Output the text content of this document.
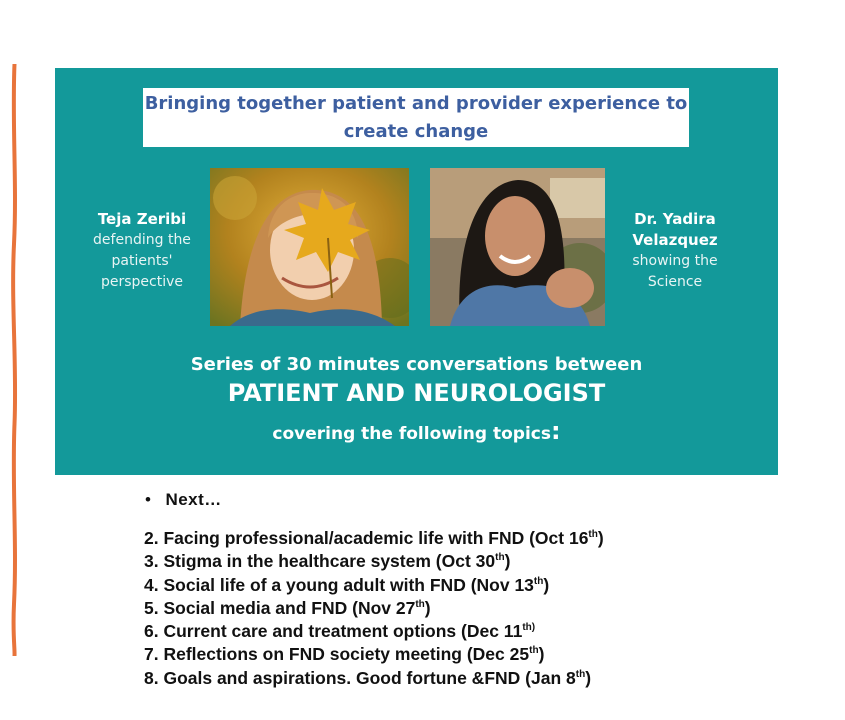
Bringing together patient and provider experience to
create change
Teja Zeribi
defending the
patients'
perspective
Dr. Yadira
Velazquez
showing the
Science
Series of 30 minutes conversations between
PATIENT AND NEUROLOGIST
covering the following topics:
• Next…
2. Facing professional/academic life with FND (Oct 16th)
3. Stigma in the healthcare system (Oct 30th)
4. Social life of a young adult with FND (Nov 13th)
5. Social media and FND (Nov 27th)
6. Current care and treatment options (Dec $11^{th)}$
7. Reflections on FND society meeting (Dec 25th)
8. Goals and aspirations. Good fortune &FND (Jan 8th)
